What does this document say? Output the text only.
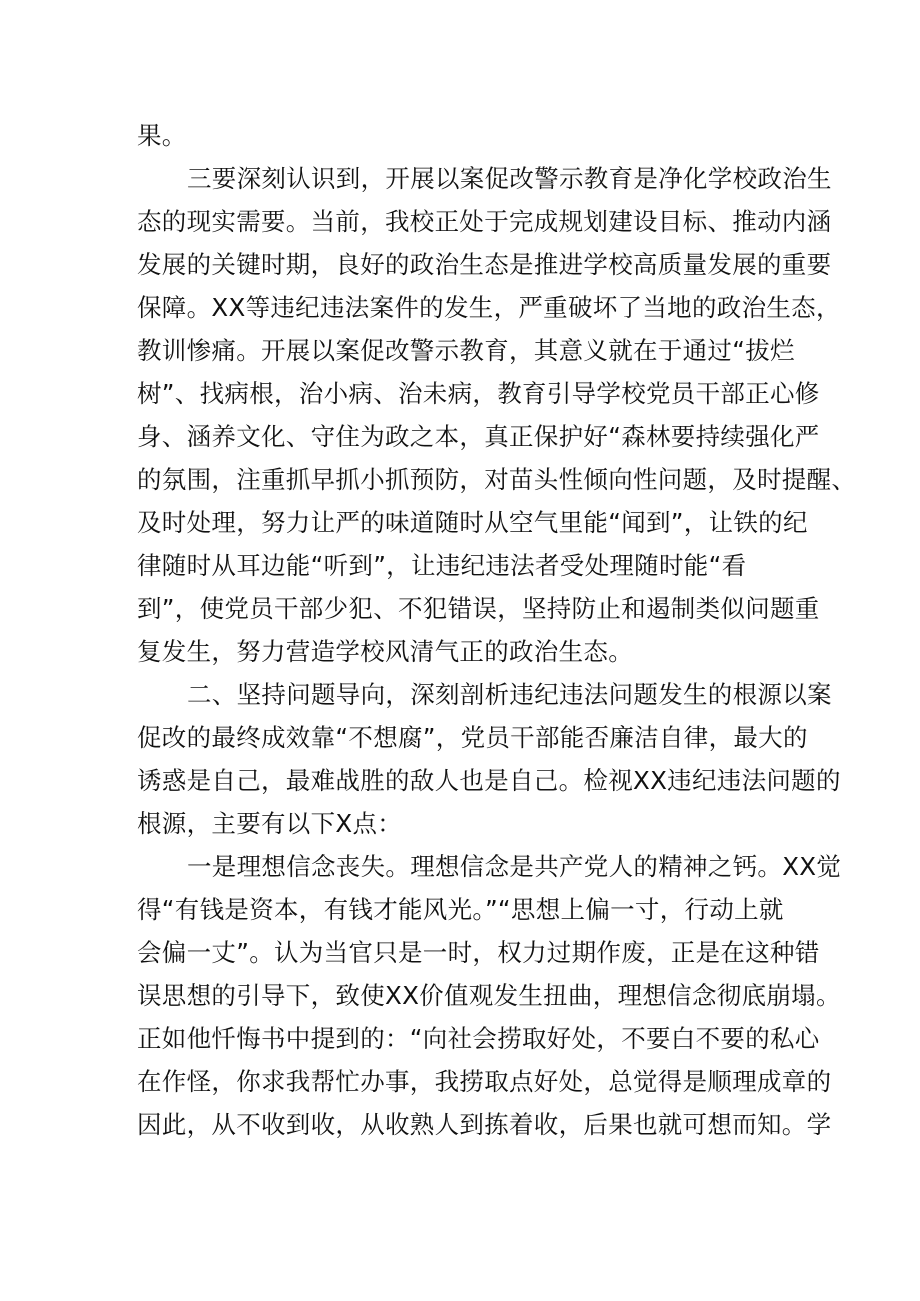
果。
三要深刻认识到，开展以案促改警示教育是净化学校政治生
态的现实需要。当前，我校正处于完成规划建设目标、推动内涵
发展的关键时期，良好的政治生态是推进学校高质量发展的重要
保障。XX等违纪违法案件的发生，严重破坏了当地的政治生态，
教训惨痛。开展以案促改警示教育，其意义就在于通过“拔烂
树”、找病根，治小病、治未病，教育引导学校党员干部正心修
身、涵养文化、守住为政之本，真正保护好“森林要持续强化严
的氛围，注重抓早抓小抓预防，对苗头性倾向性问题，及时提醒、
及时处理，努力让严的味道随时从空气里能“闻到”，让铁的纪
律随时从耳边能“听到”，让违纪违法者受处理随时能“看
到”，使党员干部少犯、不犯错误，坚持防止和遏制类似问题重
复发生，努力营造学校风清气正的政治生态。
二、坚持问题导向，深刻剖析违纪违法问题发生的根源以案
促改的最终成效靠“不想腐”，党员干部能否廉洁自律，最大的
诱惑是自己，最难战胜的敌人也是自己。检视XX违纪违法问题的
根源，主要有以下X点：
一是理想信念丧失。理想信念是共产党人的精神之钙。XX觉
得“有钱是资本，有钱才能风光。”“思想上偏一寸，行动上就
会偏一丈”。认为当官只是一时，权力过期作废，正是在这种错
误思想的引导下，致使XX价值观发生扭曲，理想信念彻底崩塌。
正如他忏悔书中提到的：“向社会捞取好处，不要白不要的私心
在作怪，你求我帮忙办事，我捞取点好处，总觉得是顺理成章的
因此，从不收到收，从收熟人到拣着收，后果也就可想而知。学
